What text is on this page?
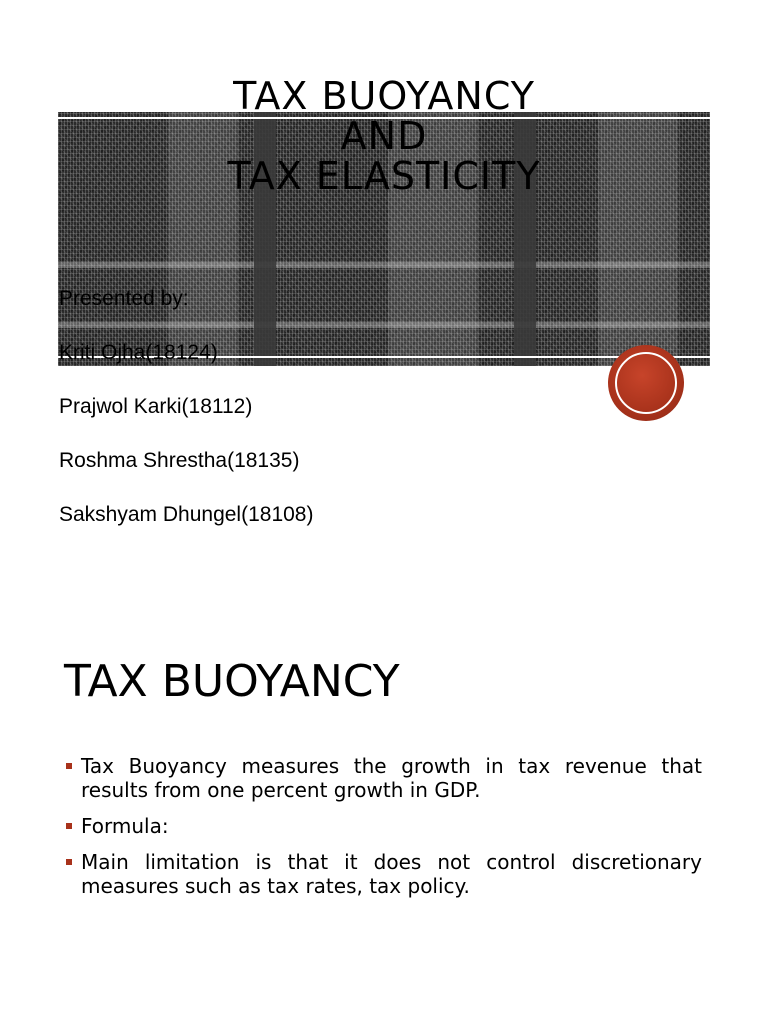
TAX BUOYANCY
AND
TAX ELASTICITY
Presented by:
Kriti Ojha(18124)
Prajwol Karki(18112)
Roshma Shrestha(18135)
Sakshyam Dhungel(18108)
TAX BUOYANCY
Tax Buoyancy measures the growth in tax revenue that results from one percent growth in GDP.
Formula:
Main limitation is that it does not control discretionary measures such as tax rates, tax policy.
